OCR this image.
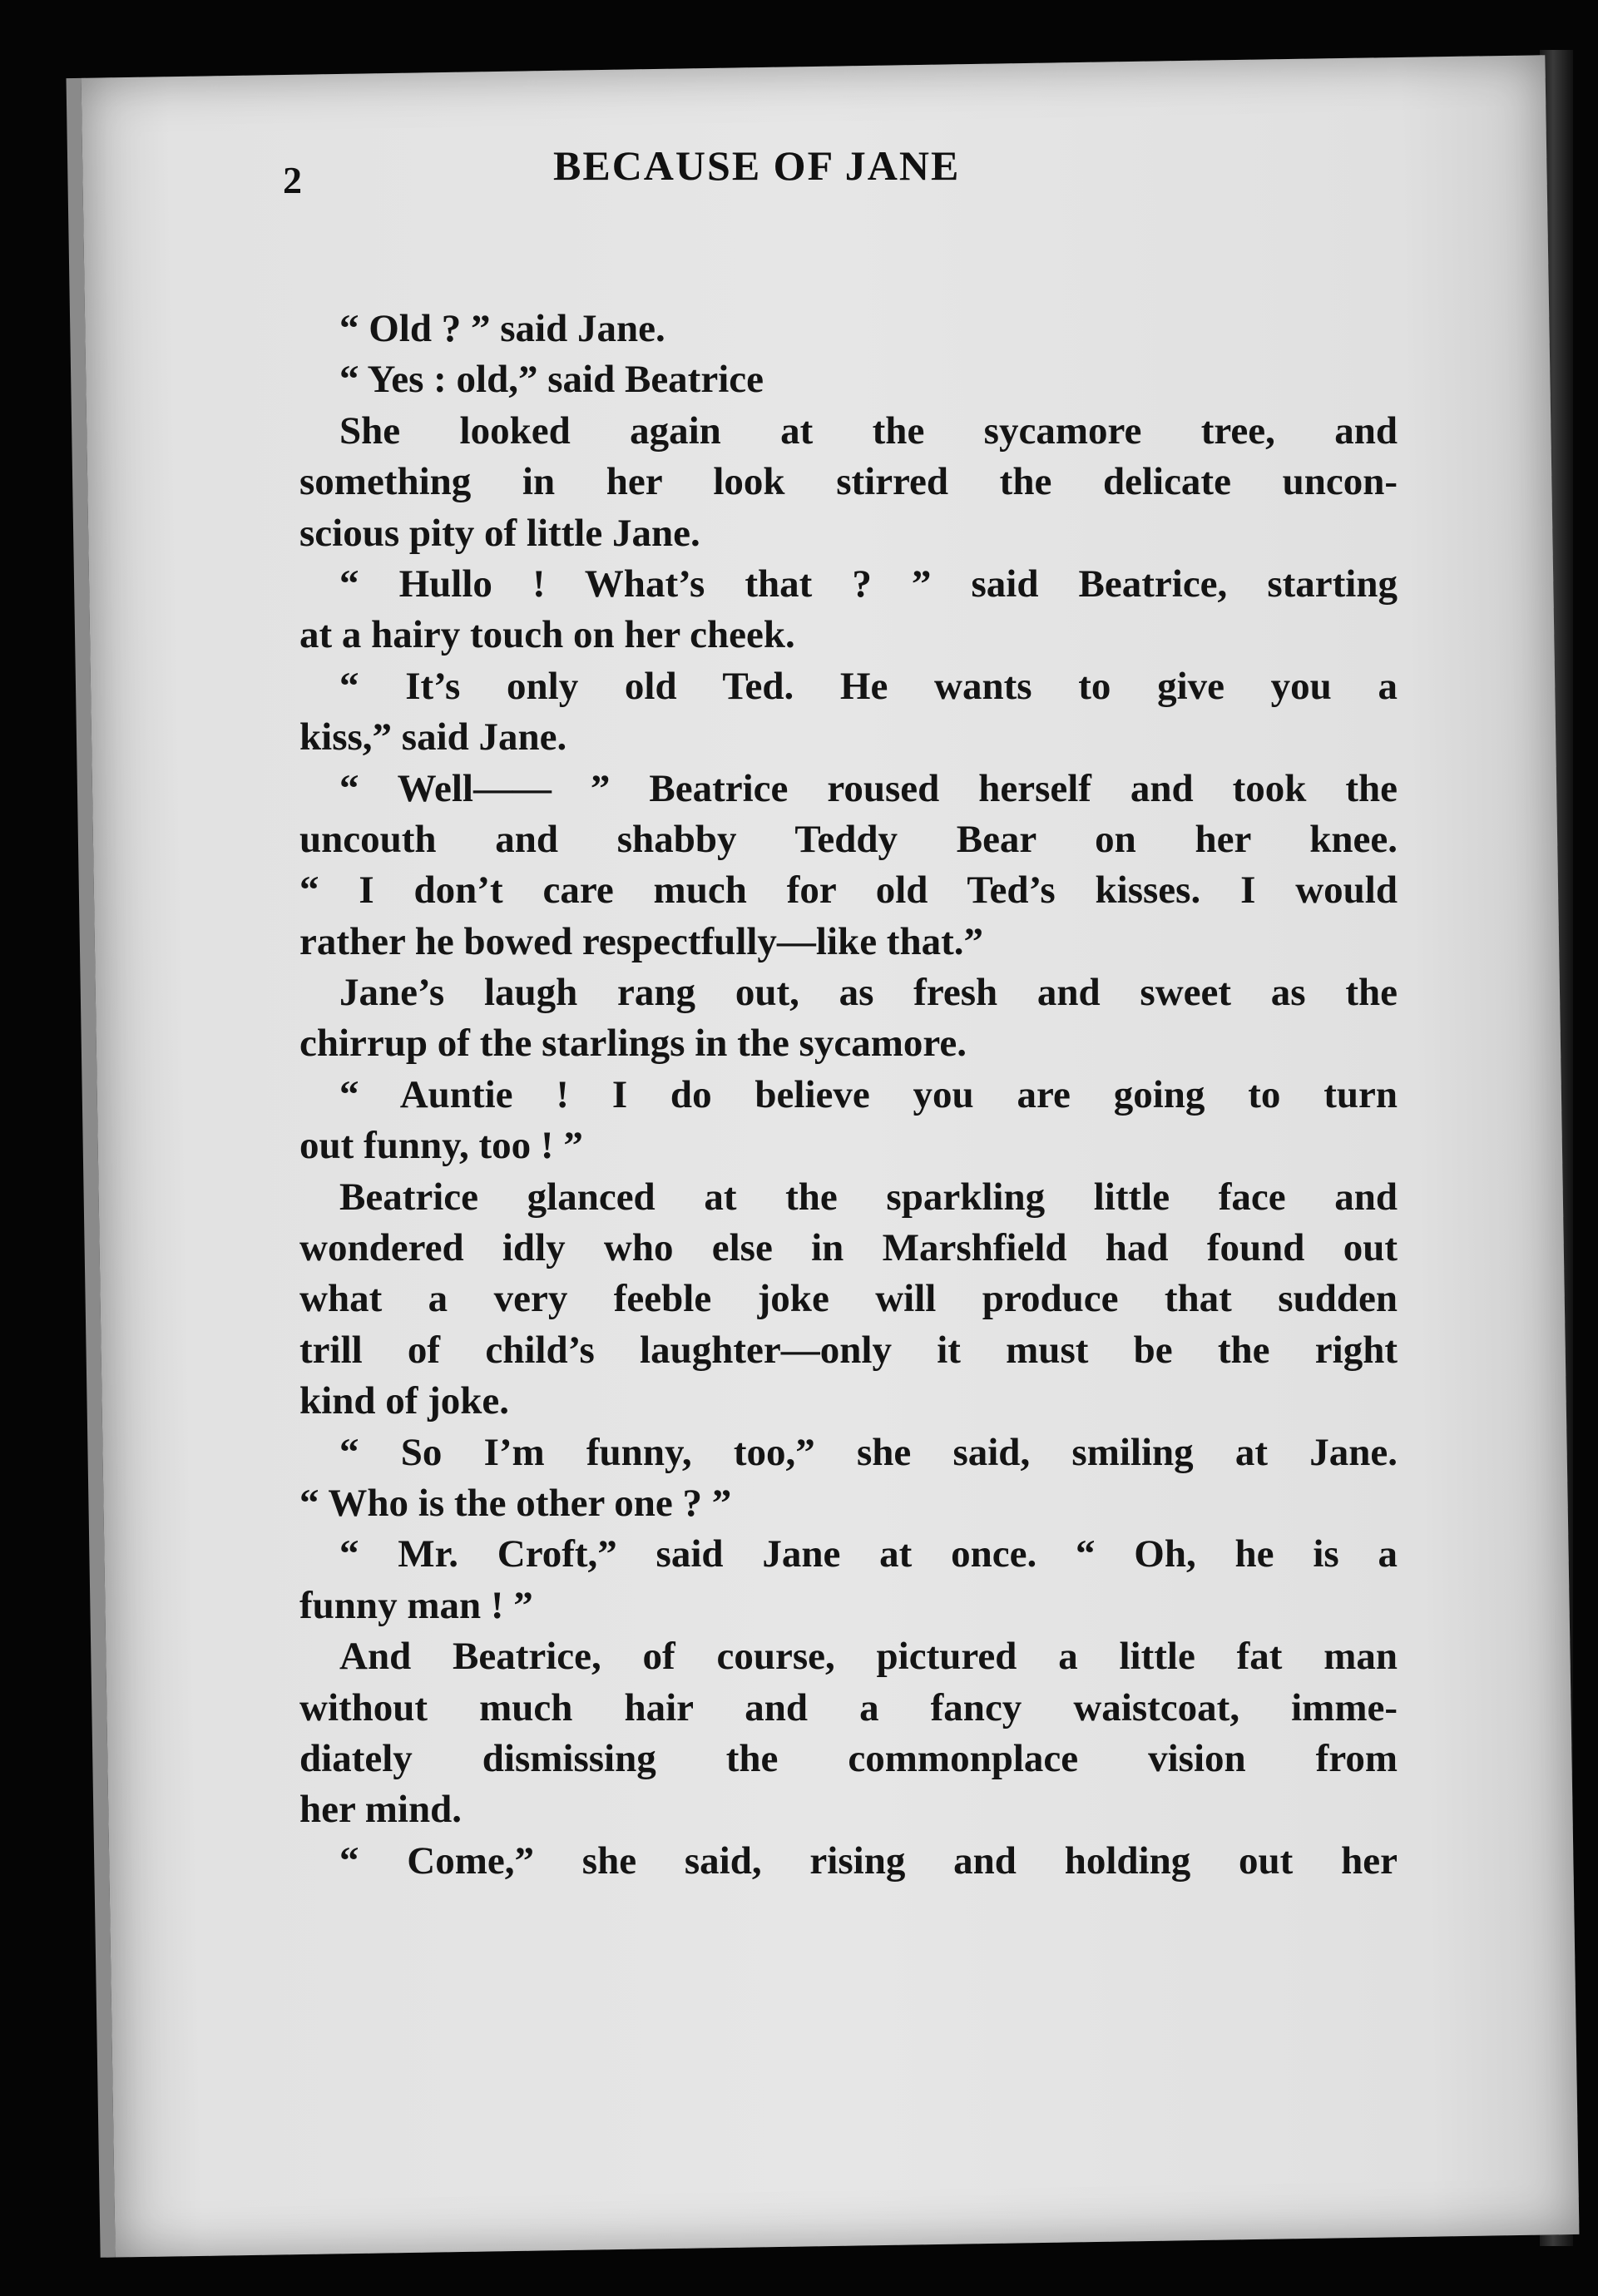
2	BECAUSE OF JANE
“ Old ? ” said Jane.
“ Yes : old,” said Beatrice
She looked again at the sycamore tree, and
something in her look stirred the delicate uncon-
scious pity of little Jane.
“ Hullo ! What’s that ? ” said Beatrice, starting
at a hairy touch on her cheek.
“ It’s only old Ted. He wants to give you a
kiss,” said Jane.
“ Well—— ” Beatrice roused herself and took the
uncouth and shabby Teddy Bear on her knee.
“ I don’t care much for old Ted’s kisses. I would
rather he bowed respectfully—like that.”
Jane’s laugh rang out, as fresh and sweet as the
chirrup of the starlings in the sycamore.
“ Auntie ! I do believe you are going to turn
out funny, too ! ”
Beatrice glanced at the sparkling little face and
wondered idly who else in Marshfield had found out
what a very feeble joke will produce that sudden
trill of child’s laughter—only it must be the right
kind of joke.
“ So I’m funny, too,” she said, smiling at Jane.
“ Who is the other one ? ”
“ Mr. Croft,” said Jane at once. “ Oh, he is a
funny man ! ”
And Beatrice, of course, pictured a little fat man
without much hair and a fancy waistcoat, imme-
diately dismissing the commonplace vision from
her mind.
“ Come,” she said, rising and holding out her
